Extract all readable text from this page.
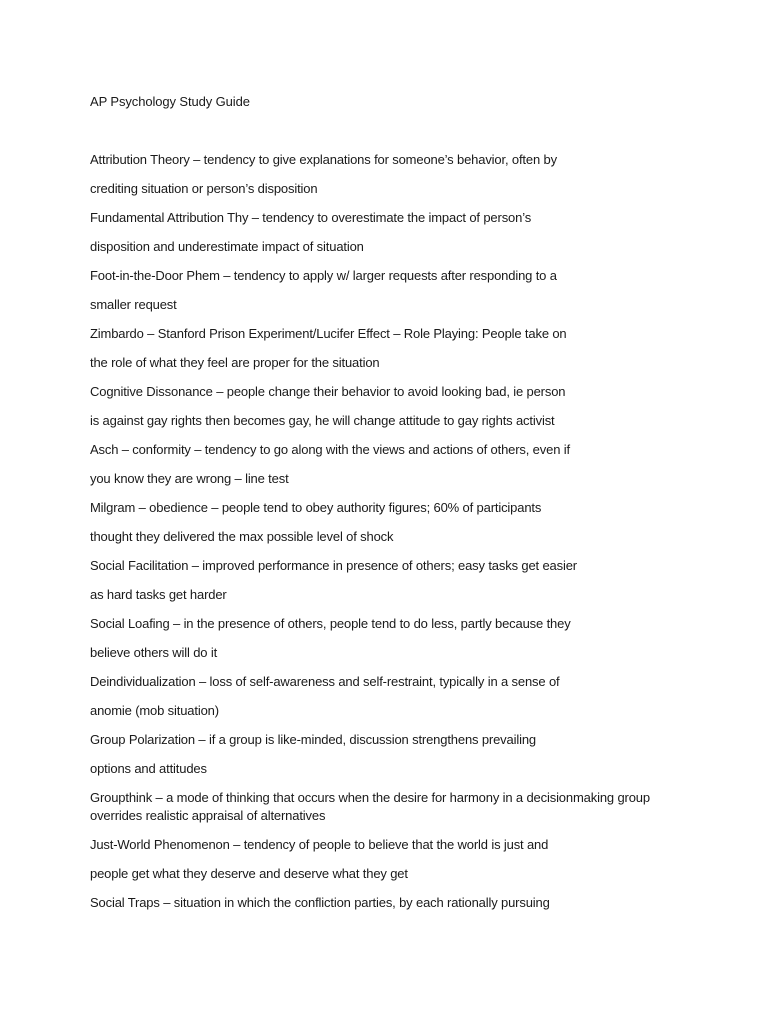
AP Psychology Study Guide
Attribution Theory – tendency to give explanations for someone’s behavior, often by
crediting situation or person’s disposition
Fundamental Attribution Thy – tendency to overestimate the impact of person’s
disposition and underestimate impact of situation
Foot-in-the-Door Phem – tendency to apply w/ larger requests after responding to a
smaller request
Zimbardo – Stanford Prison Experiment/Lucifer Effect – Role Playing: People take on
the role of what they feel are proper for the situation
Cognitive Dissonance – people change their behavior to avoid looking bad, ie person
is against gay rights then becomes gay, he will change attitude to gay rights activist
Asch – conformity – tendency to go along with the views and actions of others, even if
you know they are wrong – line test
Milgram – obedience – people tend to obey authority figures; 60% of participants
thought they delivered the max possible level of shock
Social Facilitation – improved performance in presence of others; easy tasks get easier
as hard tasks get harder
Social Loafing – in the presence of others, people tend to do less, partly because they
believe others will do it
Deindividualization – loss of self-awareness and self-restraint, typically in a sense of
anomie (mob situation)
Group Polarization – if a group is like-minded, discussion strengthens prevailing
options and attitudes
Groupthink – a mode of thinking that occurs when the desire for harmony in a decisionmaking group
overrides realistic appraisal of alternatives
Just-World Phenomenon – tendency of people to believe that the world is just and
people get what they deserve and deserve what they get
Social Traps – situation in which the confliction parties, by each rationally pursuing
